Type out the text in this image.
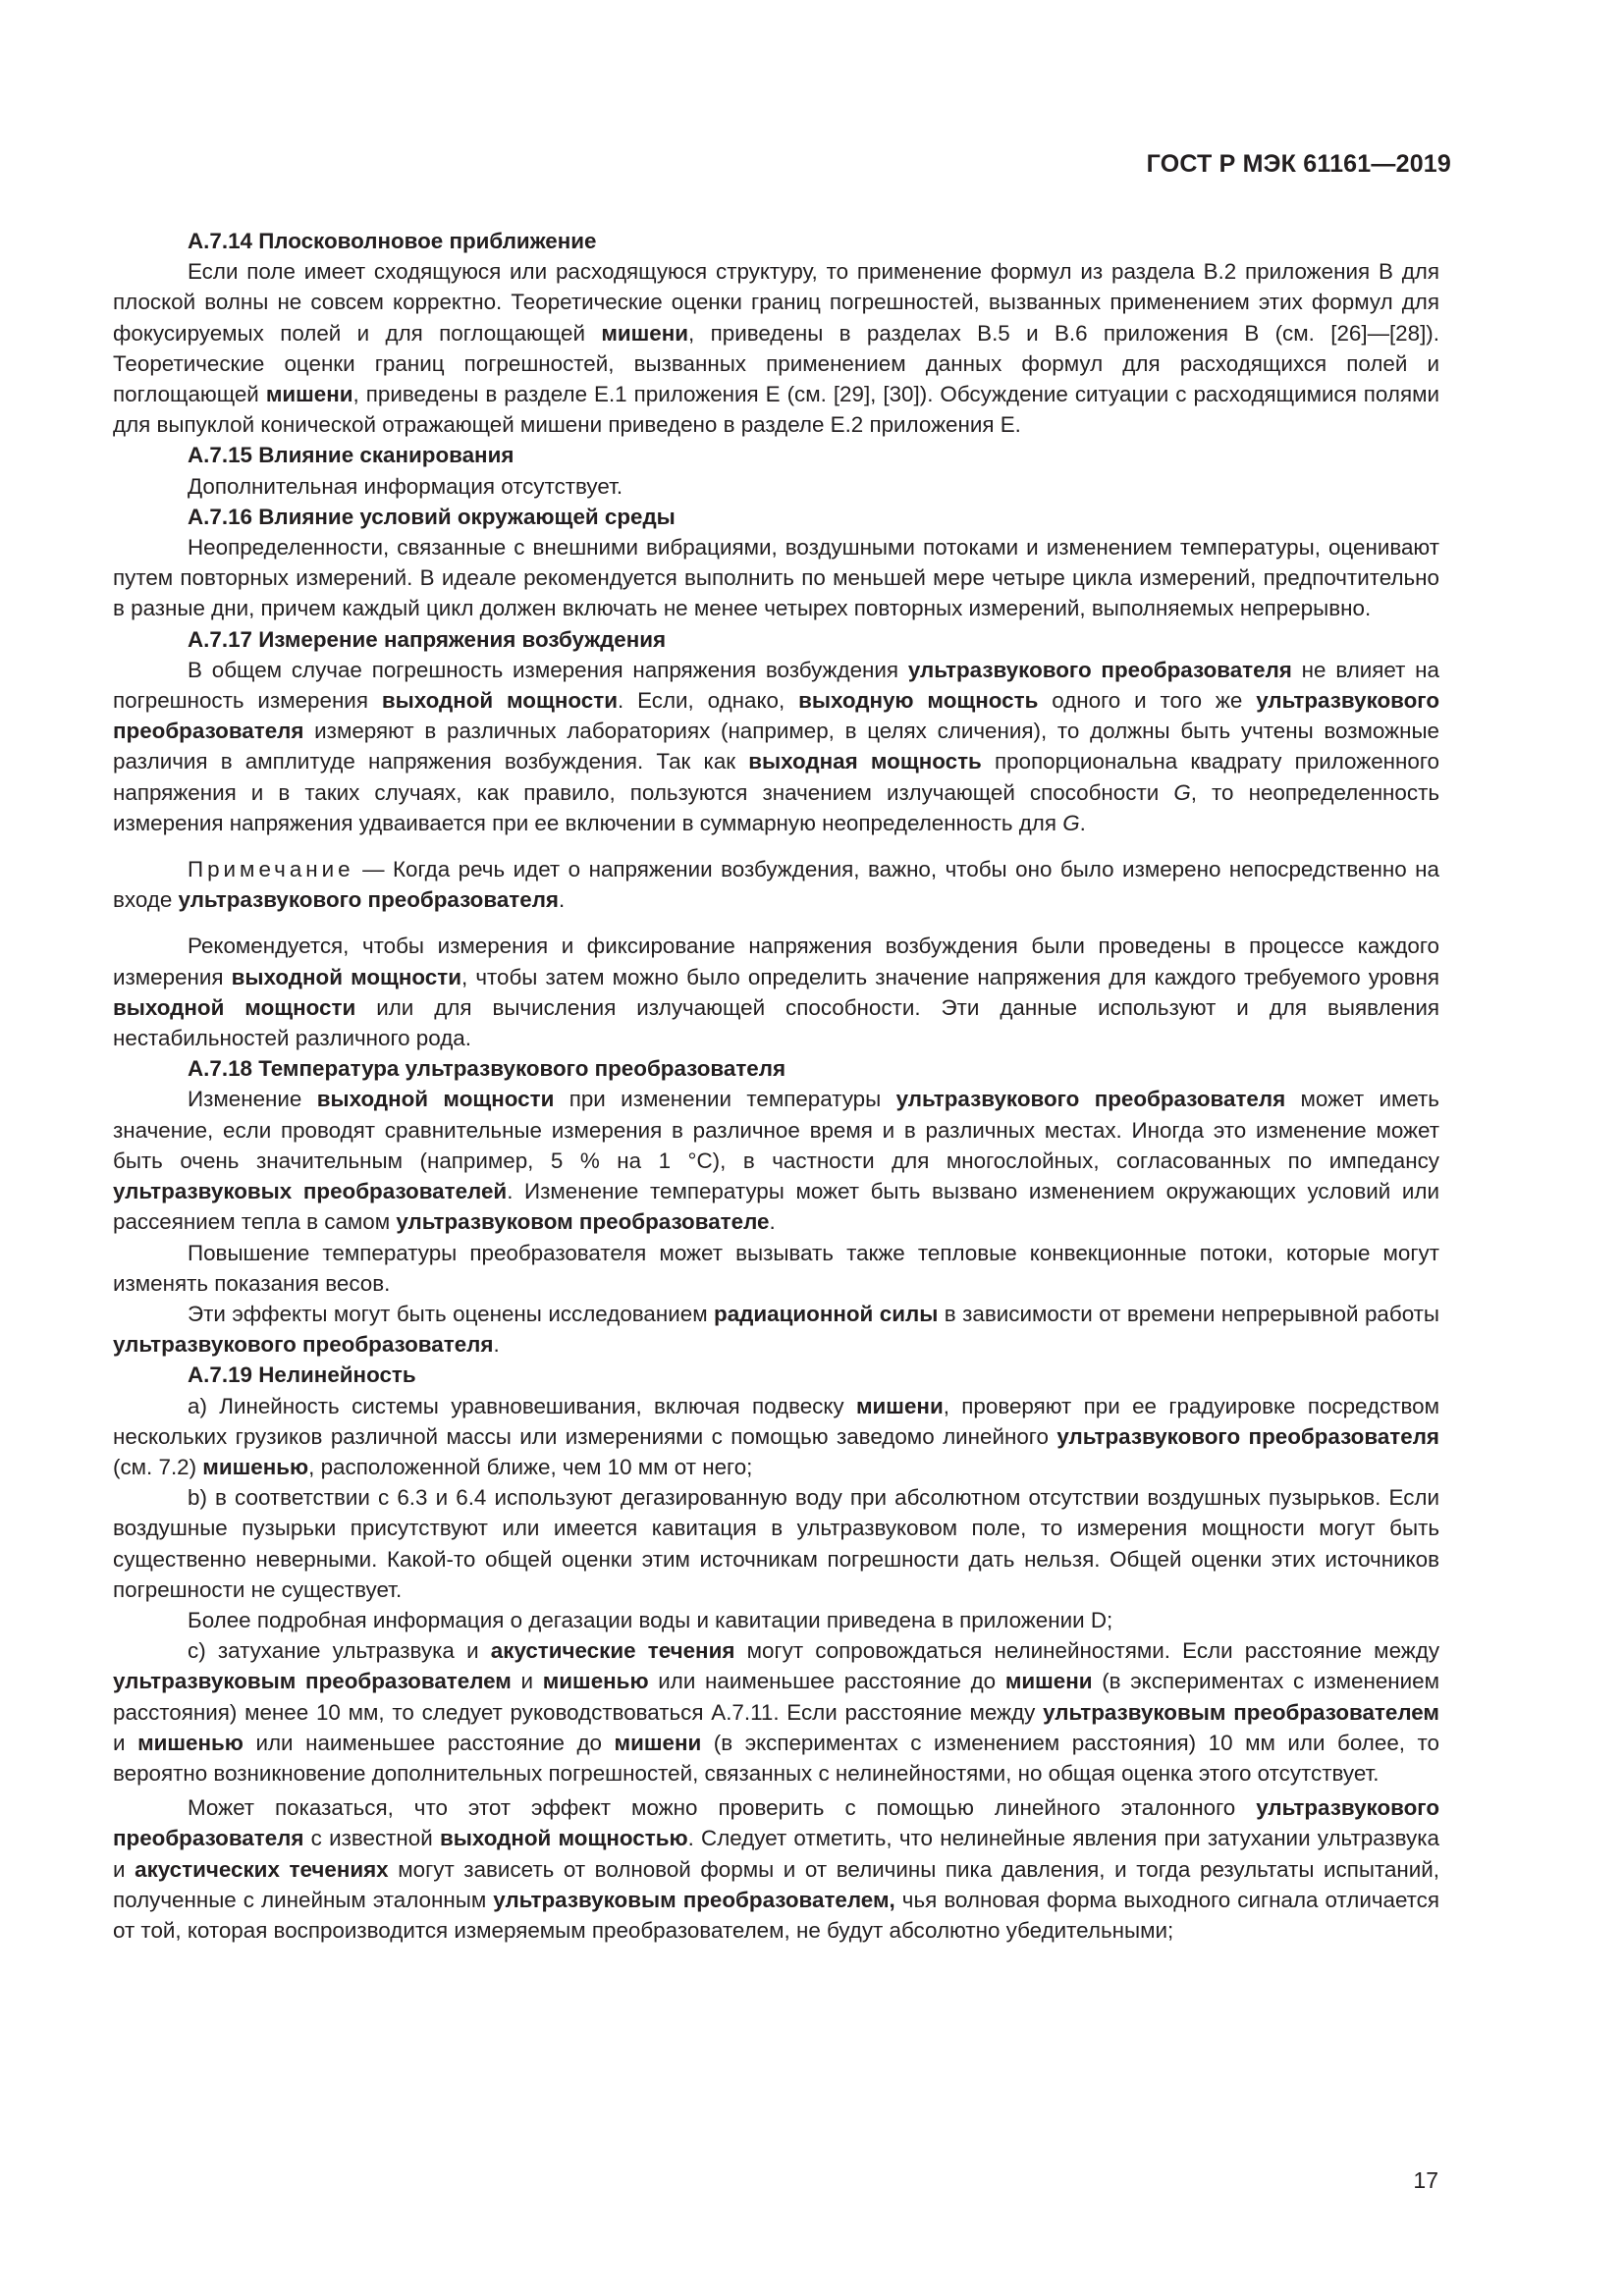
ГОСТ Р МЭК 61161—2019

А.7.14 Плосковолновое приближение

Если поле имеет сходящуюся или расходящуюся структуру, то применение формул из раздела В.2 приложения В для плоской волны не совсем корректно. Теоретические оценки границ погрешностей, вызванных применением этих формул для фокусируемых полей и для поглощающей мишени, приведены в разделах В.5 и В.6 приложения В (см. [26]—[28]). Теоретические оценки границ погрешностей, вызванных применением данных формул для расходящихся полей и поглощающей мишени, приведены в разделе Е.1 приложения Е (см. [29], [30]). Обсуждение ситуации с расходящимися полями для выпуклой конической отражающей мишени приведено в разделе Е.2 приложения Е.

А.7.15 Влияние сканирования

Дополнительная информация отсутствует.

А.7.16 Влияние условий окружающей среды

Неопределенности, связанные с внешними вибрациями, воздушными потоками и изменением температуры, оценивают путем повторных измерений. В идеале рекомендуется выполнить по меньшей мере четыре цикла измерений, предпочтительно в разные дни, причем каждый цикл должен включать не менее четырех повторных измерений, выполняемых непрерывно.

А.7.17 Измерение напряжения возбуждения

В общем случае погрешность измерения напряжения возбуждения ультразвукового преобразователя не влияет на погрешность измерения выходной мощности. Если, однако, выходную мощность одного и того же ультразвукового преобразователя измеряют в различных лабораториях (например, в целях сличения), то должны быть учтены возможные различия в амплитуде напряжения возбуждения. Так как выходная мощность пропорциональна квадрату приложенного напряжения и в таких случаях, как правило, пользуются значением излучающей способности G, то неопределенность измерения напряжения удваивается при ее включении в суммарную неопределенность для G.

Примечание — Когда речь идет о напряжении возбуждения, важно, чтобы оно было измерено непосредственно на входе ультразвукового преобразователя.

Рекомендуется, чтобы измерения и фиксирование напряжения возбуждения были проведены в процессе каждого измерения выходной мощности, чтобы затем можно было определить значение напряжения для каждого требуемого уровня выходной мощности или для вычисления излучающей способности. Эти данные используют и для выявления нестабильностей различного рода.

А.7.18 Температура ультразвукового преобразователя

Изменение выходной мощности при изменении температуры ультразвукового преобразователя может иметь значение, если проводят сравнительные измерения в различное время и в различных местах. Иногда это изменение может быть очень значительным (например, 5 % на 1 °С), в частности для многослойных, согласованных по импедансу ультразвуковых преобразователей. Изменение температуры может быть вызвано изменением окружающих условий или рассеянием тепла в самом ультразвуковом преобразователе.

Повышение температуры преобразователя может вызывать также тепловые конвекционные потоки, которые могут изменять показания весов.

Эти эффекты могут быть оценены исследованием радиационной силы в зависимости от времени непрерывной работы ультразвукового преобразователя.

А.7.19 Нелинейность

a) Линейность системы уравновешивания, включая подвеску мишени, проверяют при ее градуировке посредством нескольких грузиков различной массы или измерениями с помощью заведомо линейного ультразвукового преобразователя (см. 7.2) мишенью, расположенной ближе, чем 10 мм от него;

b) в соответствии с 6.3 и 6.4 используют дегазированную воду при абсолютном отсутствии воздушных пузырьков. Если воздушные пузырьки присутствуют или имеется кавитация в ультразвуковом поле, то измерения мощности могут быть существенно неверными. Какой-то общей оценки этим источникам погрешности дать нельзя. Общей оценки этих источников погрешности не существует.

Более подробная информация о дегазации воды и кавитации приведена в приложении D;

c) затухание ультразвука и акустические течения могут сопровождаться нелинейностями. Если расстояние между ультразвуковым преобразователем и мишенью или наименьшее расстояние до мишени (в экспериментах с изменением расстояния) менее 10 мм, то следует руководствоваться А.7.11. Если расстояние между ультразвуковым преобразователем и мишенью или наименьшее расстояние до мишени (в экспериментах с изменением расстояния) 10 мм или более, то вероятно возникновение дополнительных погрешностей, связанных с нелинейностями, но общая оценка этого отсутствует.

Может показаться, что этот эффект можно проверить с помощью линейного эталонного ультразвукового преобразователя с известной выходной мощностью. Следует отметить, что нелинейные явления при затухании ультразвука и акустических течениях могут зависеть от волновой формы и от величины пика давления, и тогда результаты испытаний, полученные с линейным эталонным ультразвуковым преобразователем, чья волновая форма выходного сигнала отличается от той, которая воспроизводится измеряемым преобразователем, не будут абсолютно убедительными;

17
